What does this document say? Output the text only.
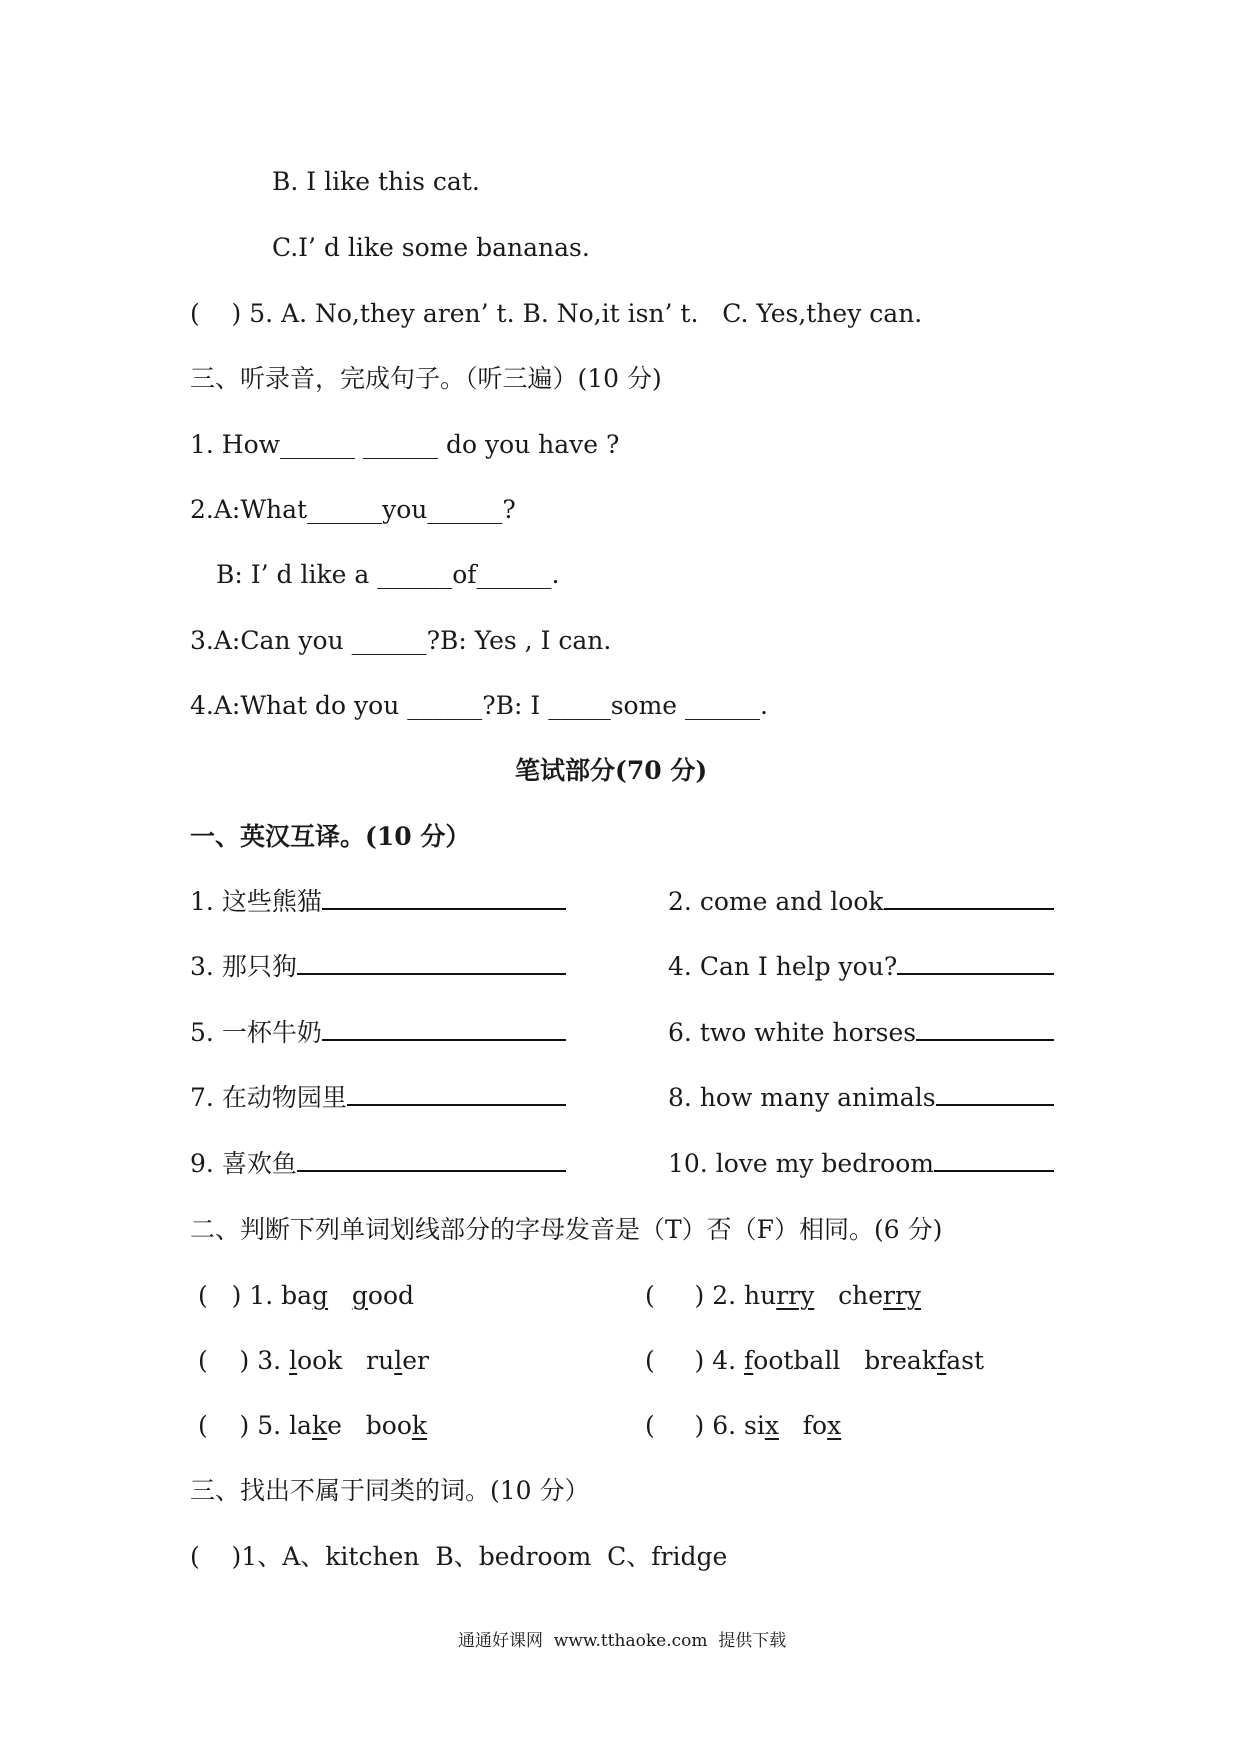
B. I like this cat.
C.I’ d like some bananas.
(    ) 5. A. No,they aren’ t. B. No,it isn’ t.   C. Yes,they can.
三、听录音，完成句子。（听三遍）(10 分)
1. How______ ______ do you have ?
2.A:What______you______?
B: I’ d like a ______of______.
3.A:Can you ______?B: Yes , I can.
4.A:What do you ______?B: I _____some ______.
笔试部分(70 分)
一、英汉互译。(10 分）
1. 这些熊猫	2. come and look
3. 那只狗	4. Can I help you?
5. 一杯牛奶	6. two white horses
7. 在动物园里	8. how many animals
9. 喜欢鱼	10. love my bedroom
二、判断下列单词划线部分的字母发音是（T）否（F）相同。(6 分)
(   ) 1. bag good	(     ) 2. hurry cherry
(    ) 3. look ruler	(     ) 4. football breakfast
(    ) 5. lake book	(     ) 6. six fox
三、找出不属于同类的词。(10 分）
(    )1、A、kitchen  B、bedroom  C、fridge
通通好课网  www.tthaoke.com  提供下载
